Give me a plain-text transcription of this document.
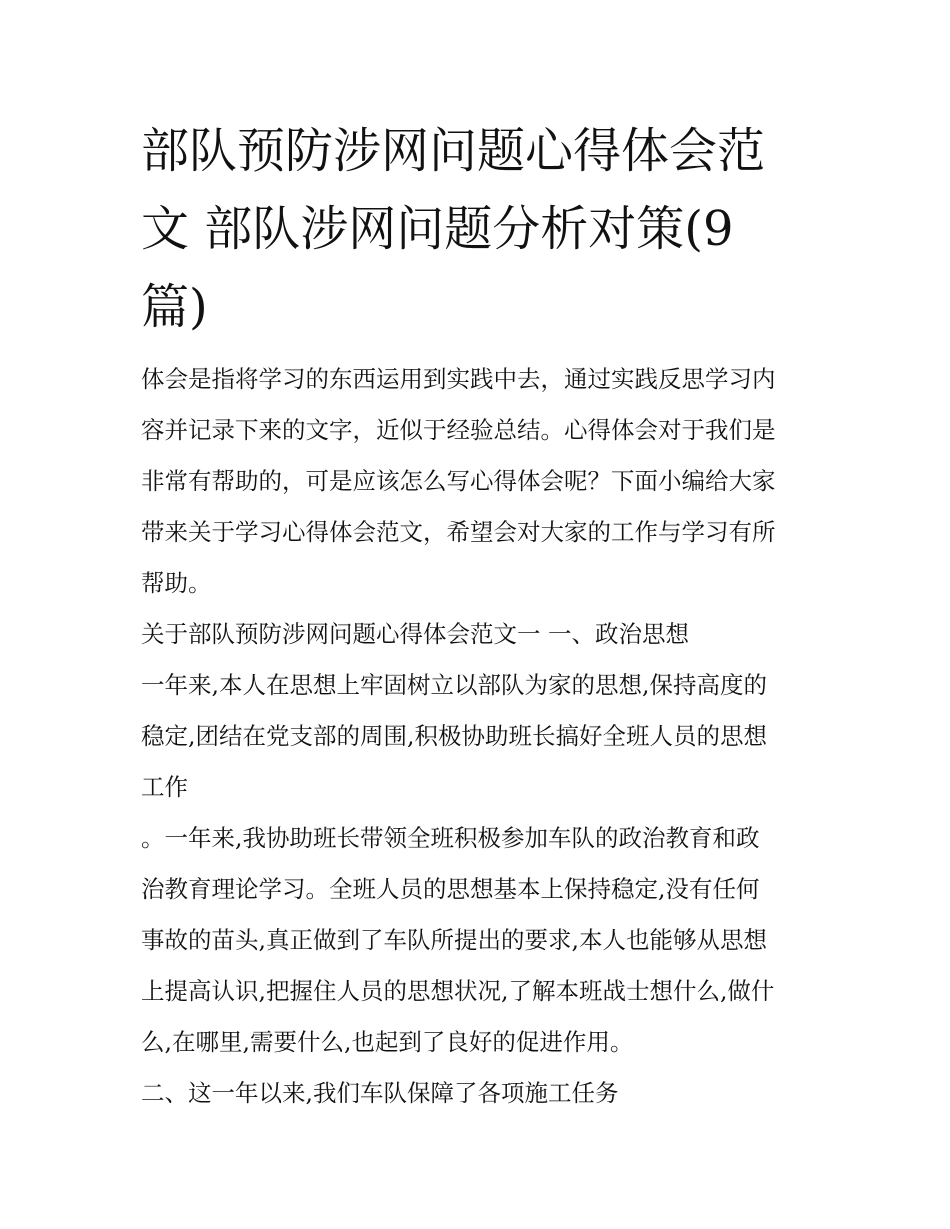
部队预防涉网问题心得体会范
文 部队涉网问题分析对策(9
篇)
体会是指将学习的东西运用到实践中去，通过实践反思学习内
容并记录下来的文字，近似于经验总结。心得体会对于我们是
非常有帮助的，可是应该怎么写心得体会呢？下面小编给大家
带来关于学习心得体会范文，希望会对大家的工作与学习有所
帮助。
关于部队预防涉网问题心得体会范文一 一、政治思想
一年来,本人在思想上牢固树立以部队为家的思想,保持高度的
稳定,团结在党支部的周围,积极协助班长搞好全班人员的思想
工作
。一年来,我协助班长带领全班积极参加车队的政治教育和政
治教育理论学习。全班人员的思想基本上保持稳定,没有任何
事故的苗头,真正做到了车队所提出的要求,本人也能够从思想
上提高认识,把握住人员的思想状况,了解本班战士想什么,做什
么,在哪里,需要什么,也起到了良好的促进作用。
二、这一年以来,我们车队保障了各项施工任务
